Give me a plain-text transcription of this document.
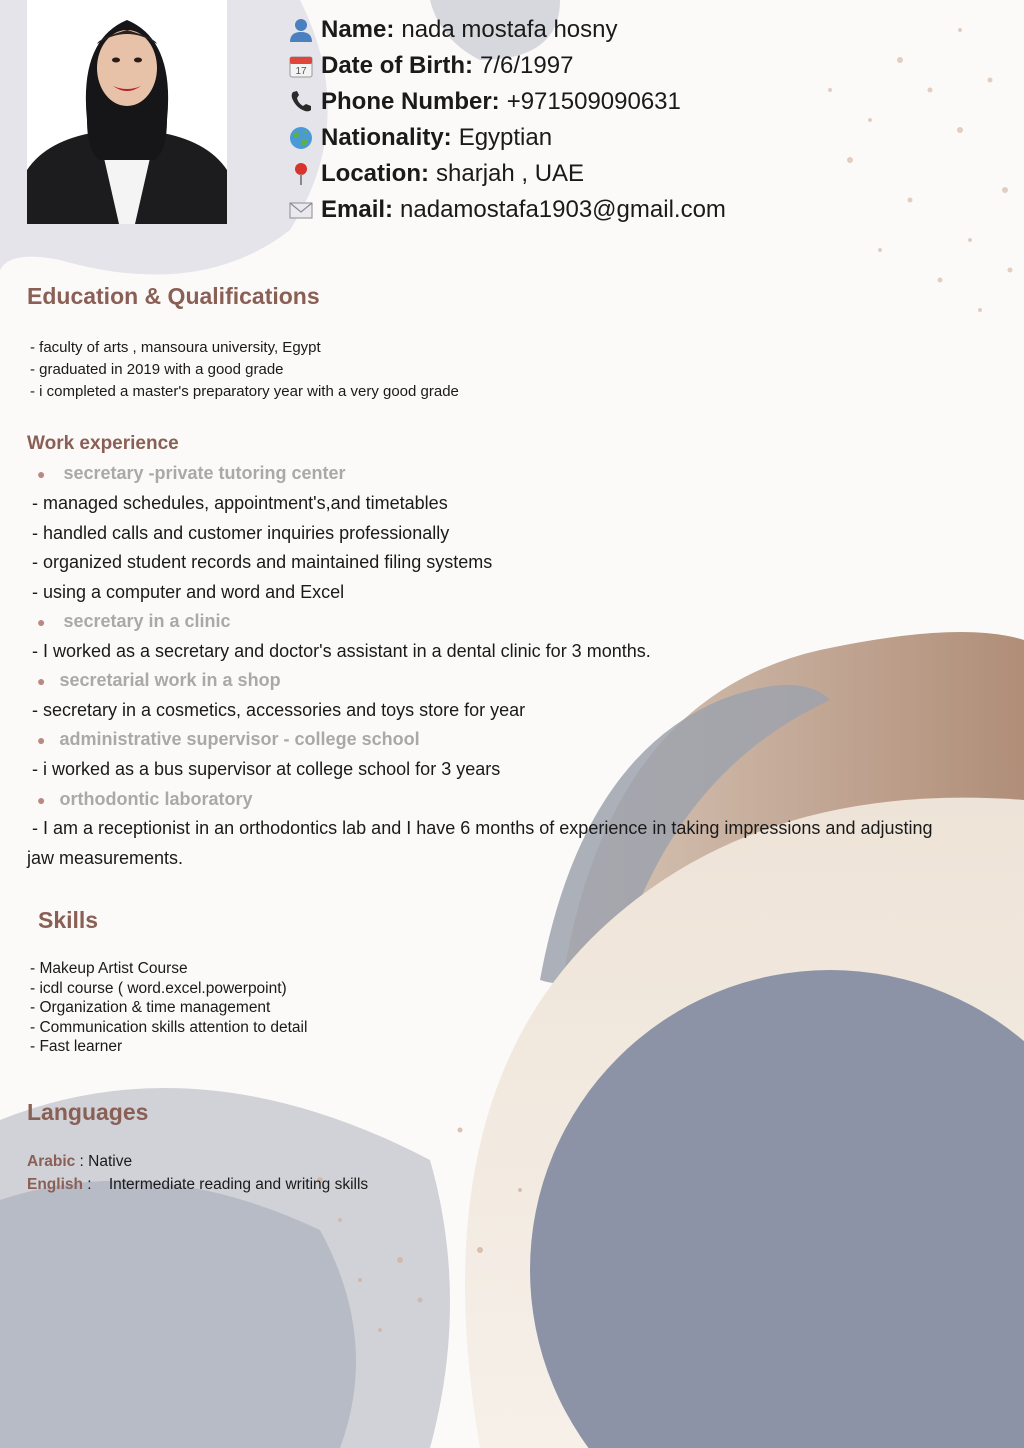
Name: nada mostafa hosny
17 Date of Birth: 7/6/1997
Phone Number: +971509090631
Nationality: Egyptian
Location: sharjah , UAE
Email: nadamostafa1903@gmail.com
Education & Qualifications
- faculty of arts , mansoura university, Egypt
- graduated in 2019 with a good grade
- i completed a master's preparatory year with a very good grade
Work experience
● secretary -private tutoring center
- managed schedules, appointment's,and timetables
- handled calls and customer inquiries professionally
- organized student records and maintained filing systems
- using a computer and word and Excel
● secretary in a clinic
- I worked as a secretary and doctor's assistant in a dental clinic for 3 months.
● secretarial work in a shop
- secretary in a cosmetics, accessories and toys store for year
● administrative supervisor - college school
- i worked as a bus supervisor at college school for 3 years
● orthodontic laboratory
- I am a receptionist in an orthodontics lab and I have 6 months of experience in taking impressions and adjusting
jaw measurements.
Skills
- Makeup Artist Course
- icdl course ( word.excel.powerpoint)
- Organization & time management
- Communication skills attention to detail
- Fast learner
Languages
Arabic : Native
English :    Intermediate reading and writing skills
